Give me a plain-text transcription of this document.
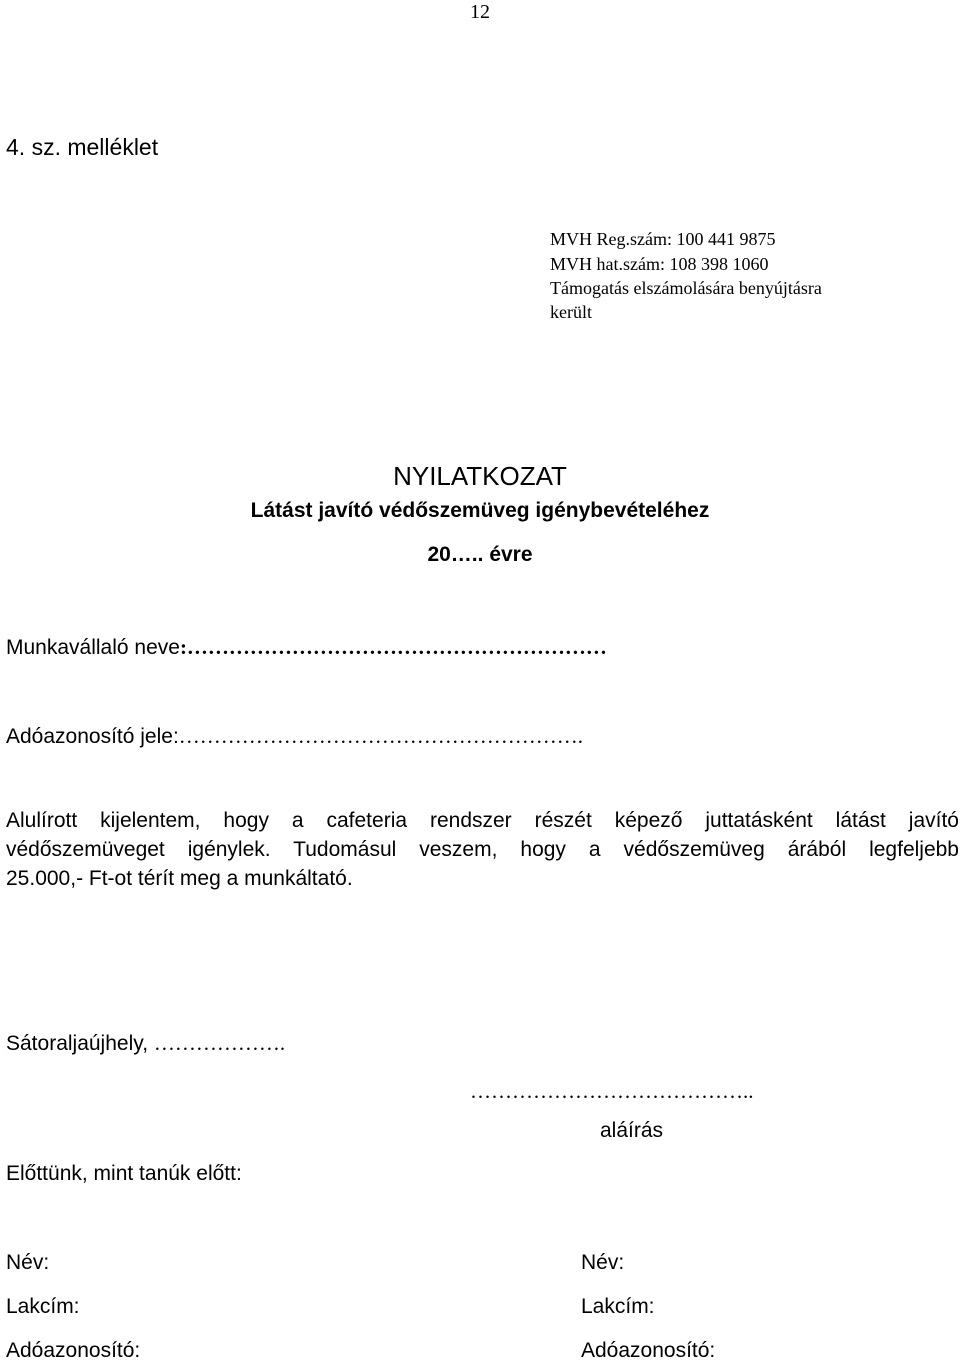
12
4. sz. melléklet
MVH Reg.szám: 100 441 9875
MVH hat.szám: 108 398 1060
Támogatás elszámolására benyújtásra
került
NYILATKOZAT
Látást javító védőszemüveg igénybevételéhez
20….. évre
Munkavállaló neve:……………………………………………………
Adóazonosító jele:………………………………………………….
Alulírott kijelentem, hogy a cafeteria rendszer részét képező juttatásként látást javító
védőszemüveget igénylek. Tudomásul veszem, hogy a védőszemüveg árából legfeljebb
25.000,- Ft-ot térít meg a munkáltató.
Sátoraljaújhely, ……………….
…………………………………..
aláírás
Előttünk, mint tanúk előtt:
Név:
Lakcím:
Adóazonosító:
Név:
Lakcím:
Adóazonosító:
